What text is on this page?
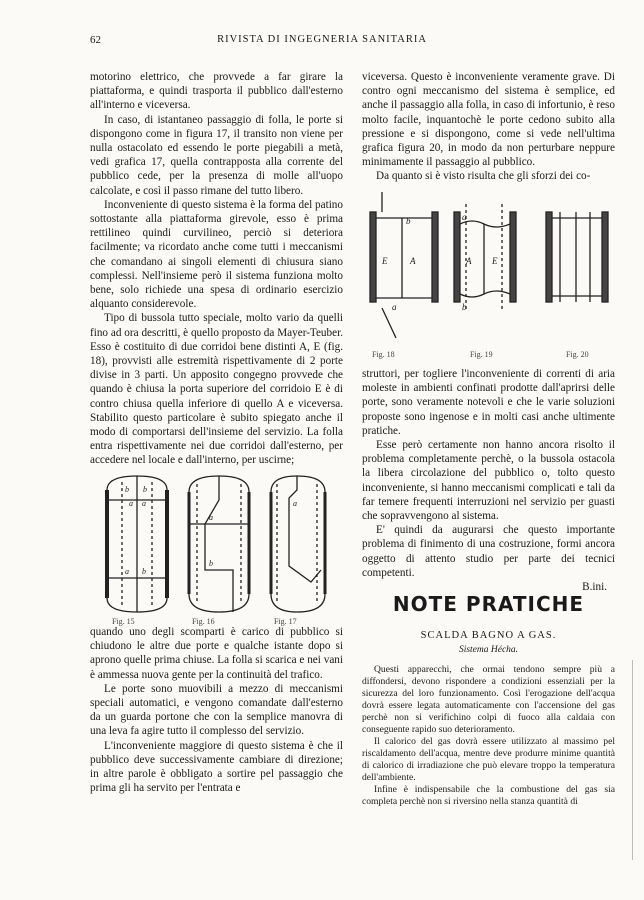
62	RIVISTA DI INGEGNERIA SANITARIA

motorino elettrico, che provvede a far girare la piattaforma, e quindi trasporta il pubblico dall'esterno all'interno e viceversa.

In caso, di istantaneo passaggio di folla, le porte si dispongono come in figura 17, il transito non viene per nulla ostacolato ed essendo le porte piegabili a metà, vedi grafica 17, quella contrapposta alla corrente del pubblico cede, per la presenza di molle all'uopo calcolate, e così il passo rimane del tutto libero.

Inconveniente di questo sistema è la forma del patino sottostante alla piattaforma girevole, esso è prima rettilineo quindi curvilineo, perciò si deteriora facilmente; va ricordato anche come tutti i meccanismi che comandano ai singoli elementi di chiusura siano complessi. Nell'insieme però il sistema funziona molto bene, solo richiede una spesa di ordinario esercizio alquanto considerevole.

Tipo di bussola tutto speciale, molto vario da quelli fino ad ora descritti, è quello proposto da Mayer-Teuber. Esso è costituito di due corridoi bene distinti A, E (fig. 18), provvisti alle estremità rispettivamente di 2 porte divise in 3 parti. Un apposito congegno provvede che quando è chiusa la porta superiore del corridoio E è di contro chiusa quella inferiore di quello A e viceversa. Stabilito questo particolare è subito spiegato anche il modo di comportarsi dell'insieme del servizio. La folla entra rispettivamente nei due corridoi dall'esterno, per accedere nel locale e dall'interno, per uscirne;

a a
b b
a b
a
b
a
Fig. 15	Fig. 16	Fig. 17

quando uno degli scomparti è carico di pubblico si chiudono le altre due porte e qualche istante dopo si aprono quelle prima chiuse. La folla si scarica e nei vani è ammessa nuova gente per la continuità del trafico.

Le porte sono muovibili a mezzo di meccanismi speciali automatici, e vengono comandate dall'esterno da un guarda portone che con la semplice manovra di una leva fa agire tutto il complesso del servizio.

L'inconveniente maggiore di questo sistema è che il pubblico deve successivamente cambiare di direzione; in altre parole è obbligato a sortire pel passaggio che prima gli ha servito per l'entrata e

viceversa. Questo è inconveniente veramente grave. Di contro ogni meccanismo del sistema è semplice, ed anche il passaggio alla folla, in caso di infortunio, è reso molto facile, inquantochè le porte cedono subito alla pressione e si dispongono, come si vede nell'ultima grafica figura 20, in modo da non perturbare neppure minimamente il passaggio al pubblico.

Da quanto si è visto risulta che gli sforzi dei co-

E	A
b
a
A E
a
b
Fig. 18	Fig. 19	Fig. 20

struttori, per togliere l'inconveniente di correnti di aria moleste in ambienti confinati prodotte dall'aprirsi delle porte, sono veramente notevoli e che le varie soluzioni proposte sono ingenose e in molti casi anche ultimente pratiche.

Esse però certamente non hanno ancora risolto il problema completamente perchè, o la bussola ostacola la libera circolazione del pubblico o, tolto questo inconveniente, si hanno meccanismi complicati e tali da far temere frequenti interruzioni nel servizio per guasti che sopravvengono al sistema.

E' quindi da augurarsi che questo importante problema di finimento di una costruzione, formi ancora oggetto di attento studio per parte dei tecnici competenti.

B.ini.

NOTE PRATICHE
SCALDA BAGNO A GAS.
Sistema Hécha.

Questi apparecchi, che ormai tendono sempre più a diffondersi, devono rispondere a condizioni essenziali per la sicurezza del loro funzionamento. Così l'erogazione dell'acqua dovrà essere legata automaticamente con l'accensione del gas perchè non si verifichino colpi di fuoco alla caldaia con conseguente rapido suo deterioramento.

Il calorico del gas dovrà essere utilizzato al massimo pel riscaldamento dell'acqua, mentre deve produrre minime quantità di calorico di irradiazione che può elevare troppo la temperatura dell'ambiente.

Infine è indispensabile che la combustione del gas sia completa perchè non si riversino nella stanza quantità di
